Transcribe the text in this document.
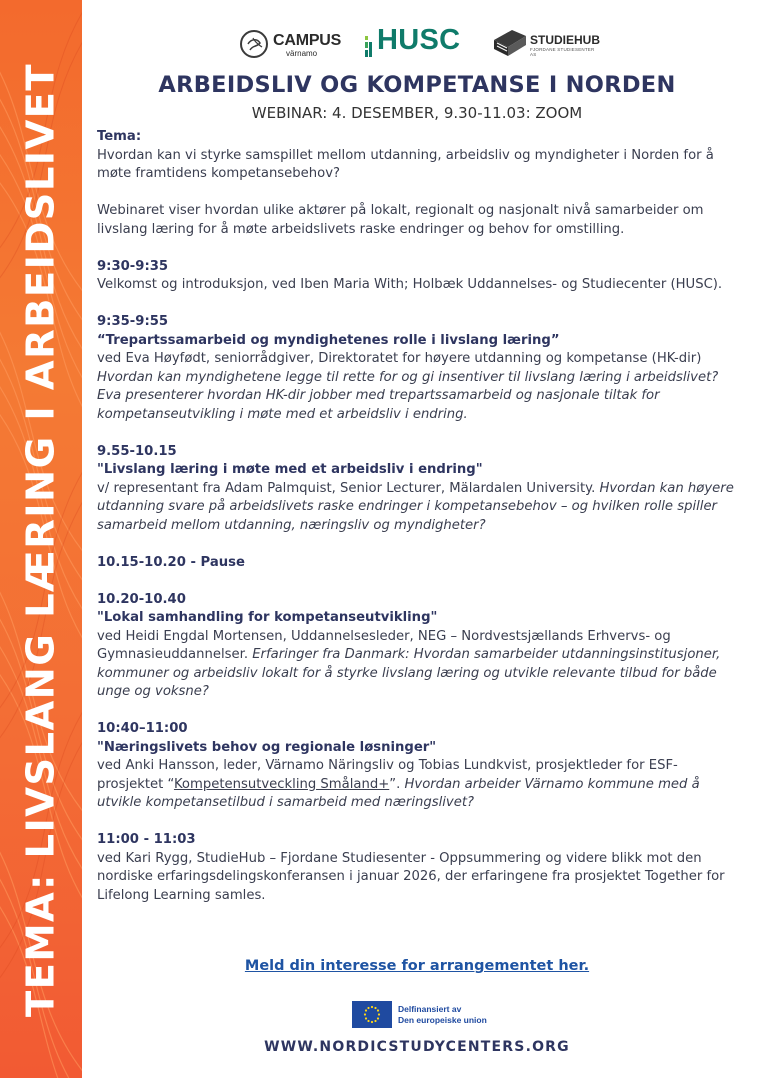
TEMA: LIVSLANG LÆRING I ARBEIDSLIVET
CAMPUS
värnamo HUSC	STUDIEHUB
FJORDANE STUDIESENTER AS
ARBEIDSLIV OG KOMPETANSE I NORDEN
WEBINAR: 4. DESEMBER, 9.30-11.03: ZOOM

Tema:

Hvordan kan vi styrke samspillet mellom utdanning, arbeidsliv og myndigheter i Norden for å møte framtidens kompetansebehov?

Webinaret viser hvordan ulike aktører på lokalt, regionalt og nasjonalt nivå samarbeider om livslang læring for å møte arbeidslivets raske endringer og behov for omstilling.

9:30-9:35

Velkomst og introduksjon, ved Iben Maria With; Holbæk Uddannelses- og Studiecenter (HUSC).

9:35-9:55

“Trepartssamarbeid og myndighetenes rolle i livslang læring”

ved Eva Høyfødt, seniorrådgiver, Direktoratet for høyere utdanning og kompetanse (HK-dir) Hvordan kan myndighetene legge til rette for og gi insentiver til livslang læring i arbeidslivet? Eva presenterer hvordan HK-dir jobber med trepartssamarbeid og nasjonale tiltak for kompetanseutvikling i møte med et arbeidsliv i endring.

9.55-10.15

"Livslang læring i møte med et arbeidsliv i endring"

v/ representant fra Adam Palmquist, Senior Lecturer, Mälardalen University. Hvordan kan høyere utdanning svare på arbeidslivets raske endringer i kompetansebehov – og hvilken rolle spiller samarbeid mellom utdanning, næringsliv og myndigheter?

10.15-10.20 - Pause

10.20-10.40

"Lokal samhandling for kompetanseutvikling"

ved Heidi Engdal Mortensen, Uddannelsesleder, NEG – Nordvestsjællands Erhvervs- og Gymnasieuddannelser. Erfaringer fra Danmark: Hvordan samarbeider utdanningsinstitusjoner, kommuner og arbeidsliv lokalt for å styrke livslang læring og utvikle relevante tilbud for både unge og voksne?

10:40–11:00

"Næringslivets behov og regionale løsninger"

ved Anki Hansson, leder, Värnamo Näringsliv og Tobias Lundkvist, prosjektleder for ESF-prosjektet “Kompetensutveckling Småland+”. Hvordan arbeider Värnamo kommune med å utvikle kompetansetilbud i samarbeid med næringslivet?

11:00 - 11:03

ved Kari Rygg, StudieHub – Fjordane Studiesenter - Oppsummering og videre blikk mot den nordiske erfaringsdelingskonferansen i januar 2026, der erfaringene fra prosjektet Together for Lifelong Learning samles.

Meld din interesse for arrangementet her.
Delfinansiert av
Den europeiske union
WWW.NORDICSTUDYCENTERS.ORG
